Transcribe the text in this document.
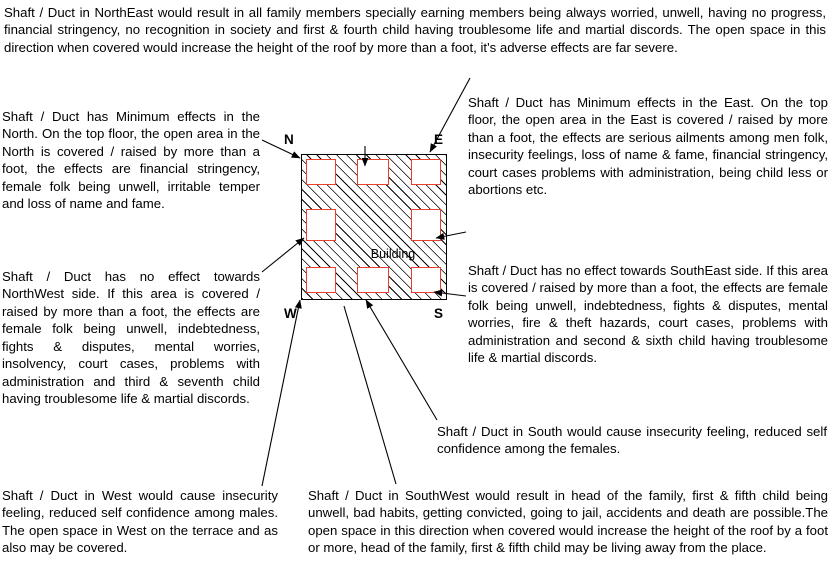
Shaft / Duct in NorthEast would result in all family members specially earning members being always worried, unwell, having no progress, financial stringency, no recognition in society and first & fourth child having troublesome life and martial discords. The open space in this direction when covered would increase the height of the roof by more than a foot, it's adverse effects are far severe.
Shaft / Duct has Minimum effects in the North. On the top floor, the open area in the North is covered / raised by more than a foot, the effects are financial stringency, female folk being unwell, irritable temper and loss of name and fame.
Shaft / Duct has Minimum effects in the East. On the top floor, the open area in the East is covered / raised by more than a foot, the effects are serious ailments among men folk, insecurity feelings, loss of name & fame, financial stringency, court cases problems with administration, being child less or abortions etc.
Shaft / Duct has no effect towards NorthWest side. If this area is covered / raised by more than a foot, the effects are female folk being unwell, indebtedness, fights & disputes, mental worries, insolvency, court cases, problems with administration and third & seventh child having troublesome life & martial discords.
Shaft / Duct has no effect towards SouthEast side. If this area is covered / raised by more than a foot, the effects are female folk being unwell, indebtedness, fights & disputes, mental worries, fire & theft hazards, court cases, problems with administration and second & sixth child having troublesome life & martial discords.
Shaft / Duct in South would cause insecurity feeling, reduced self confidence among the females.
Shaft / Duct in West would cause insecurity feeling, reduced self confidence among males. The open space in West on the terrace and as also may be covered.
Shaft / Duct in SouthWest would result in head of the family, first & fifth child being unwell, bad habits, getting convicted, going to jail, accidents and death are possible.The open space in this direction when covered would increase the height of the roof by a foot or more, head of the family, first & fifth child may be living away from the place.
N	E
W	S
Building
